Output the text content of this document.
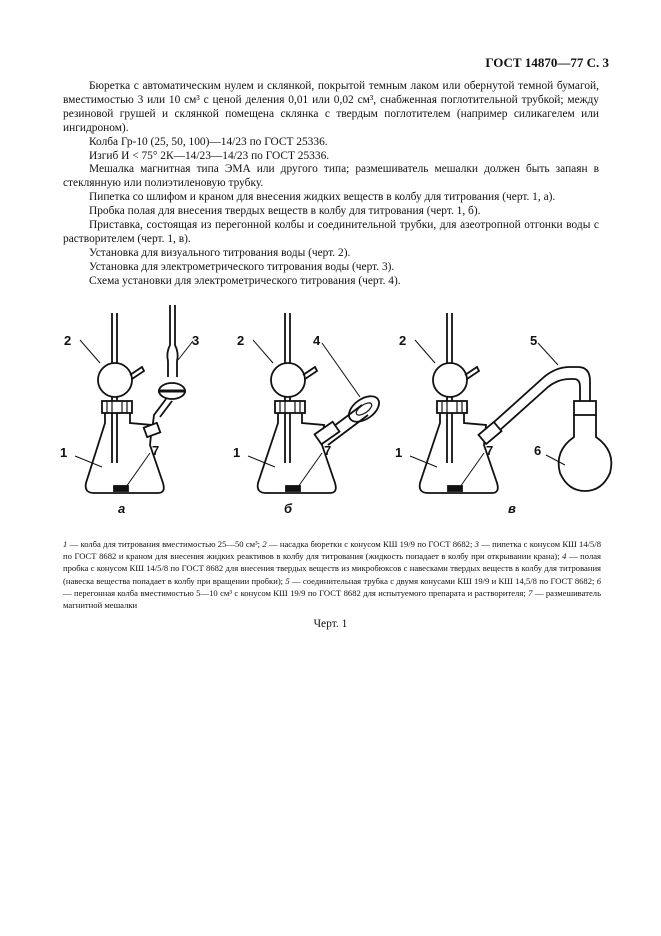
ГОСТ 14870—77 С. 3

Бюретка с автоматическим нулем и склянкой, покрытой темным лаком или обернутой темной бумагой, вместимостью 3 или 10 см³ с ценой деления 0,01 или 0,02 см³, снабженная поглотительной трубкой; между резиновой грушей и склянкой помещена склянка с твердым поглотителем (например силикагелем или ингидроном).

Колба Гр-10 (25, 50, 100)—14/23 по ГОСТ 25336.

Изгиб И < 75° 2К—14/23—14/23 по ГОСТ 25336.

Мешалка магнитная типа ЭМА или другого типа; размешиватель мешалки должен быть запаян в стеклянную или полиэтиленовую трубку.

Пипетка со шлифом и краном для внесения жидких веществ в колбу для титрования (черт. 1, а).

Пробка полая для внесения твердых веществ в колбу для титрования (черт. 1, б).

Приставка, состоящая из перегонной колбы и соединительной трубки, для азеотропной отгонки воды с растворителем (черт. 1, в).

Установка для визуального титрования воды (черт. 2).

Установка для электрометрического титрования воды (черт. 3).

Схема установки для электрометрического титрования (черт. 4).

2	3
1	7
а
2	4
1	7
б
2	5
1	7	6
в
1 — колба для титрования вместимостью 25—50 см³; 2 — насадка бюретки с конусом КШ 19/9 по ГОСТ 8682; 3 — пипетка с конусом КШ 14/5/8 по ГОСТ 8682 и краном для внесения жидких реактивов в колбу для титрования (жидкость попадает в колбу при открывании крана); 4 — полая пробка с конусом КШ 14/5/8 по ГОСТ 8682 для внесения твердых веществ из микробюксов с навесками твердых веществ в колбу для титрования (навеска вещества попадает в колбу при вращении пробки); 5 — соединительная трубка с двумя конусами КШ 19/9 и КШ 14,5/8 по ГОСТ 8682; 6 — перегонная колба вместимостью 5—10 см³ с конусом КШ 19/9 по ГОСТ 8682 для испытуемого препарата и растворителя; 7 — размешиватель магнитной мешалки
Черт. 1
